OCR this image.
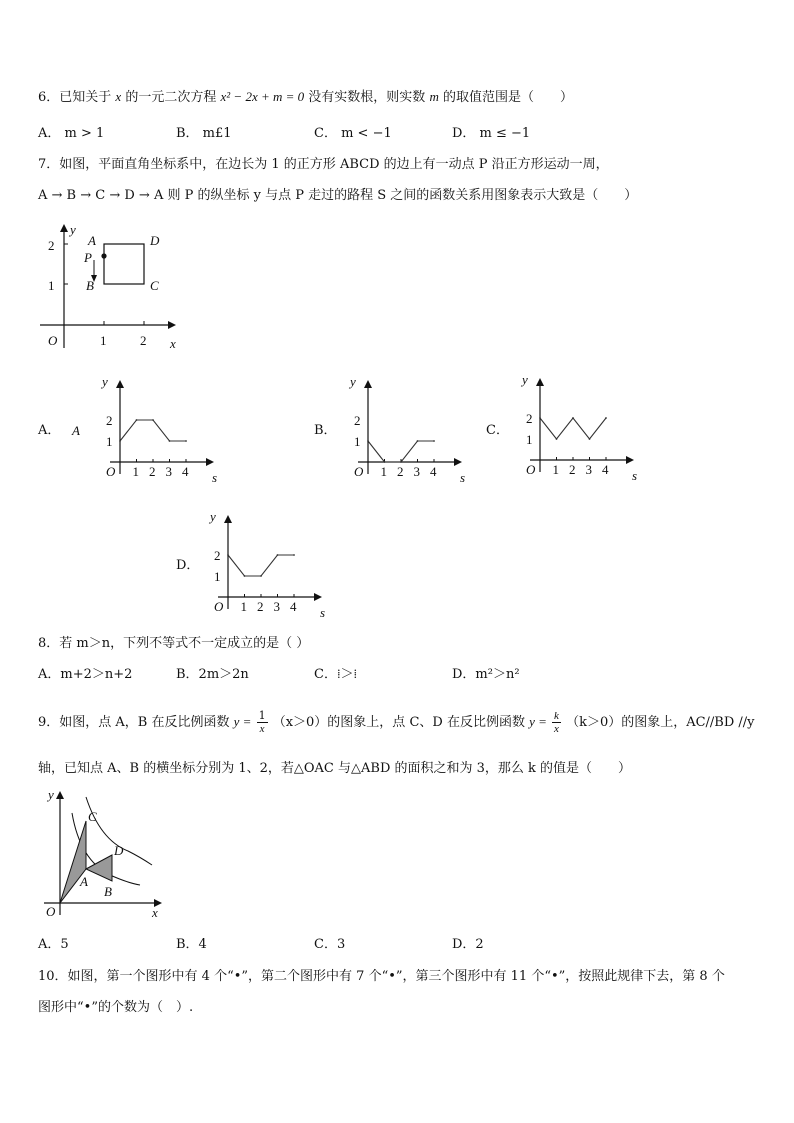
6．已知关于 x 的一元二次方程 x² − 2x + m = 0 没有实数根，则实数 m 的取值范围是（　　）
A． m > 1	B． m£1	C． m < −1	D． m ≤ −1
7．如图，平面直角坐标系中，在边长为 1 的正方形 ABCD 的边上有一动点 P 沿正方形运动一周，
A → B → C → D → A 则 P 的纵坐标 y 与点 P 走过的路程 S 之间的函数关系用图象表示大致是（　　）
y
x
O
2
1
1	2
A
P
B	C
D
A． A	B．	C．
D．
y
s
O 1 2 3 4
1
2
y
s
O 1 2 3 4
1
2
y
s
O 1 2 3 4
1
2
y
s
O 1 2 3 4
1
2
8．若 m＞n，下列不等式不一定成立的是（ ）
A．m+2＞n+2	B．2m＞2n	C．⁞＞⁞	D．m²＞n²
9．如图，点 A，B 在反比例函数 $y = \frac{1}{x} (x>0)$的图象上，点 C、D 在反比例函数 $y = \frac{k}{x} (k>0)$的图象上，AC//BD //y
轴，已知点 A、B 的横坐标分别为 1、2，若△OAC 与△ABD 的面积之和为 3，那么 k 的值是（　　）
y
x
O
C
D
A
B
A．5	B．4	C．3	D．2
10．如图，第一个图形中有 4 个“•”，第二个图形中有 7 个“•”，第三个图形中有 11 个“•”，按照此规律下去，第 8 个
图形中“•”的个数为（　）.
